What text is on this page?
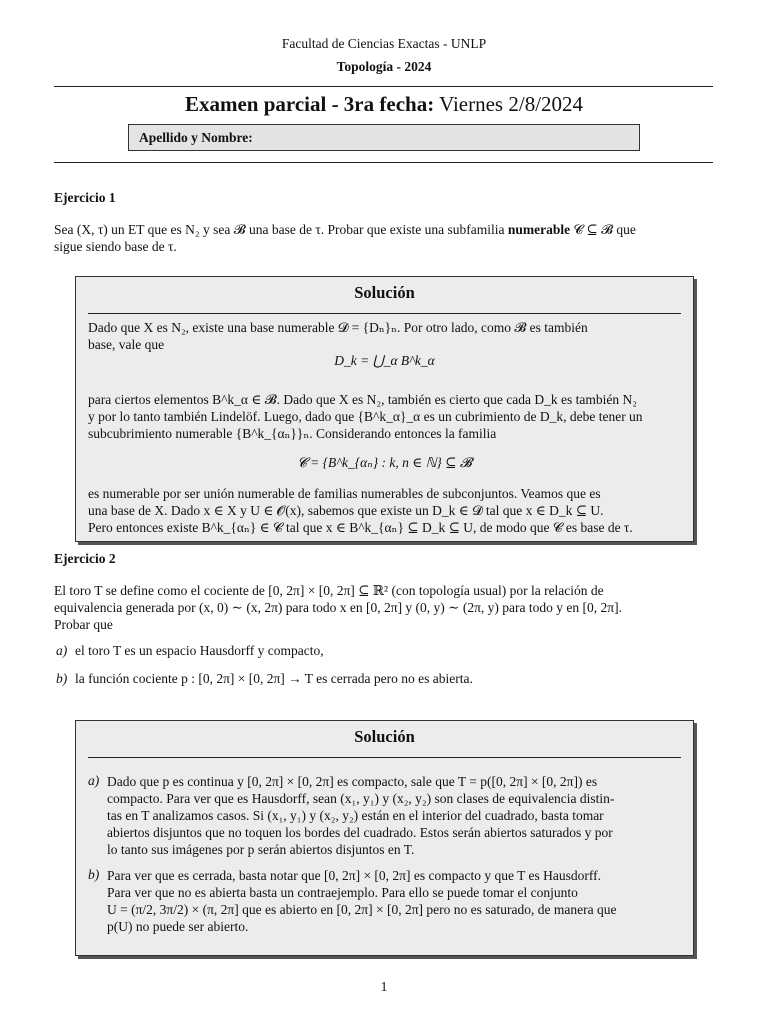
Facultad de Ciencias Exactas - UNLP
Topología - 2024
Examen parcial - 3ra fecha: Viernes 2/8/2024
Apellido y Nombre:
Ejercicio 1
Sea (X, τ) un ET que es N₂ y sea 𝓑 una base de τ. Probar que existe una subfamilia numerable 𝓒 ⊆ 𝓑 que
sigue siendo base de τ.
Solución
Dado que X es N₂, existe una base numerable 𝓓 = {Dₙ}ₙ. Por otro lado, como 𝓑 es también
base, vale que
D_k = ⋃_α B^k_α
para ciertos elementos B^k_α ∈ 𝓑. Dado que X es N₂, también es cierto que cada D_k es también N₂
y por lo tanto también Lindelöf. Luego, dado que {B^k_α}_α es un cubrimiento de D_k, debe tener un
subcubrimiento numerable {B^k_{αₙ}}ₙ. Considerando entonces la familia
𝓒 = {B^k_{αₙ} : k, n ∈ ℕ} ⊆ 𝓑
es numerable por ser unión numerable de familias numerables de subconjuntos. Veamos que es
una base de X. Dado x ∈ X y U ∈ 𝓞(x), sabemos que existe un D_k ∈ 𝓓 tal que x ∈ D_k ⊆ U.
Pero entonces existe B^k_{αₙ} ∈ 𝓒 tal que x ∈ B^k_{αₙ} ⊆ D_k ⊆ U, de modo que 𝓒 es base de τ.
Ejercicio 2
El toro T se define como el cociente de [0, 2π] × [0, 2π] ⊆ ℝ² (con topología usual) por la relación de
equivalencia generada por (x, 0) ∼ (x, 2π) para todo x en [0, 2π] y (0, y) ∼ (2π, y) para todo y en [0, 2π].
Probar que
a) el toro T es un espacio Hausdorff y compacto,
b) la función cociente p : [0, 2π] × [0, 2π] → T es cerrada pero no es abierta.
Solución
a) Dado que p es continua y [0, 2π] × [0, 2π] es compacto, sale que T = p([0, 2π] × [0, 2π]) es
compacto. Para ver que es Hausdorff, sean (x₁, y₁) y (x₂, y₂) son clases de equivalencia distin-
tas en T analizamos casos. Si (x₁, y₁) y (x₂, y₂) están en el interior del cuadrado, basta tomar
abiertos disjuntos que no toquen los bordes del cuadrado. Estos serán abiertos saturados y por
lo tanto sus imágenes por p serán abiertos disjuntos en T.
b) Para ver que es cerrada, basta notar que [0, 2π] × [0, 2π] es compacto y que T es Hausdorff.
Para ver que no es abierta basta un contraejemplo. Para ello se puede tomar el conjunto
U = (π/2, 3π/2) × (π, 2π] que es abierto en [0, 2π] × [0, 2π] pero no es saturado, de manera que
p(U) no puede ser abierto.
1
